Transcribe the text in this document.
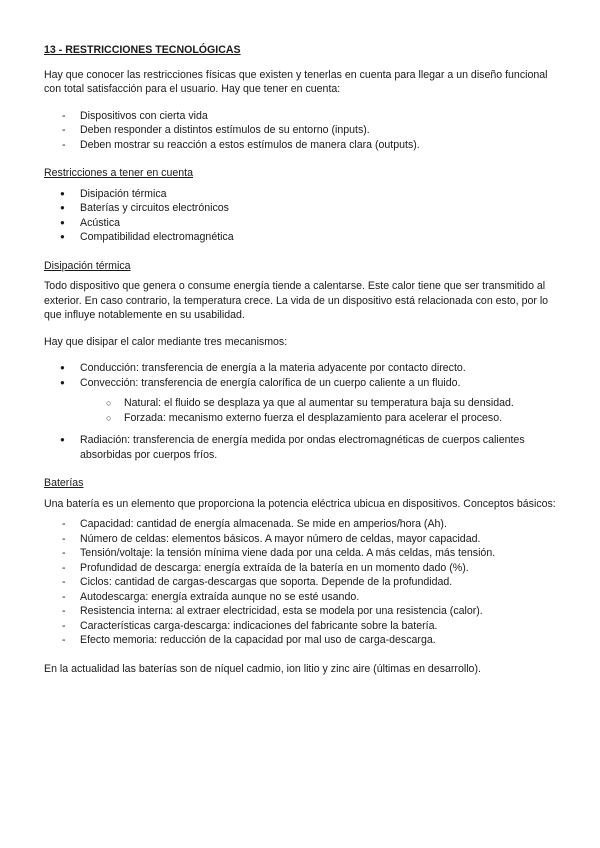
13 - RESTRICCIONES TECNOLÓGICAS

Hay que conocer las restricciones físicas que existen y tenerlas en cuenta para llegar a un diseño funcional con total satisfacción para el usuario. Hay que tener en cuenta:

- Dispositivos con cierta vida
- Deben responder a distintos estímulos de su entorno (inputs).
- Deben mostrar su reacción a estos estímulos de manera clara (outputs).

Restricciones a tener en cuenta

● Disipación térmica
● Baterías y circuitos electrónicos
● Acústica
● Compatibilidad electromagnética

Disipación térmica

Todo dispositivo que genera o consume energía tiende a calentarse. Este calor tiene que ser transmitido al exterior. En caso contrario, la temperatura crece. La vida de un dispositivo está relacionada con esto, por lo que influye notablemente en su usabilidad.

Hay que disipar el calor mediante tres mecanismos:

● Conducción: transferencia de energía a la materia adyacente por contacto directo.
● Convección: transferencia de energía calorífica de un cuerpo caliente a un fluido.
○ Natural: el fluido se desplaza ya que al aumentar su temperatura baja su densidad.
○ Forzada: mecanismo externo fuerza el desplazamiento para acelerar el proceso.
● Radiación: transferencia de energía medida por ondas electromagnéticas de cuerpos calientes absorbidas por cuerpos fríos.

Baterías

Una batería es un elemento que proporciona la potencia eléctrica ubicua en dispositivos. Conceptos básicos:

- Capacidad: cantidad de energía almacenada. Se mide en amperios/hora (Ah).
- Número de celdas: elementos básicos. A mayor número de celdas, mayor capacidad.
- Tensión/voltaje: la tensión mínima viene dada por una celda. A más celdas, más tensión.
- Profundidad de descarga: energía extraída de la batería en un momento dado (%).
- Ciclos: cantidad de cargas-descargas que soporta. Depende de la profundidad.
- Autodescarga: energía extraída aunque no se esté usando.
- Resistencia interna: al extraer electricidad, esta se modela por una resistencia (calor).
- Características carga-descarga: indicaciones del fabricante sobre la batería.
- Efecto memoria: reducción de la capacidad por mal uso de carga-descarga.

En la actualidad las baterías son de níquel cadmio, ion litio y zinc aire (últimas en desarrollo).
